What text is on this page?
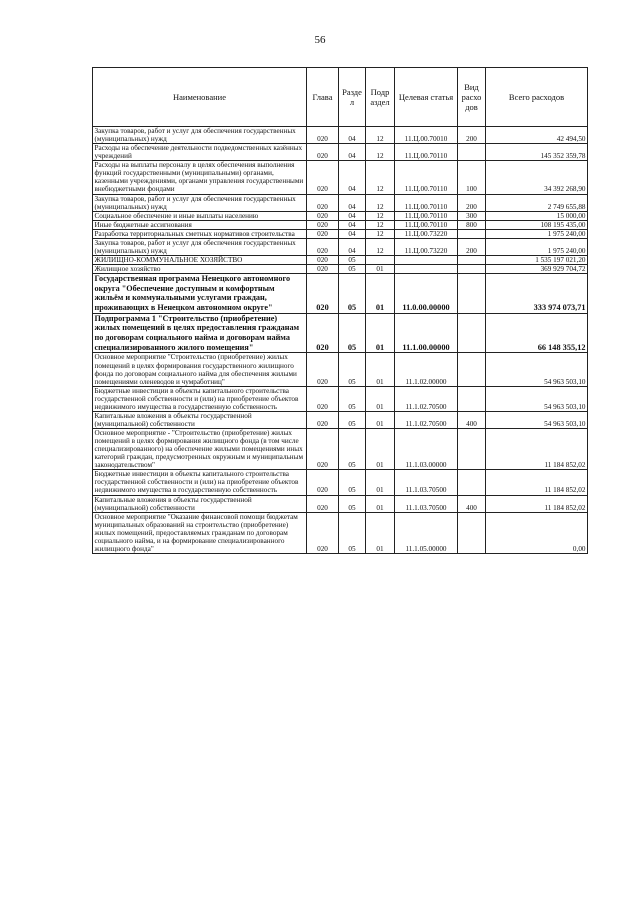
56
Наименование	Глава	Разде л	Подр аздел	Целевая статья	Вид расхо дов	Всего расходов
Закупка товаров, работ и услуг для обеспечения государственных (муниципальных) нужд	020	04	12	11.Ц.00.70010	200	42 494,50
Расходы на обеспечение деятельности подведомственных казённых учреждений	020	04	12	11.Ц.00.70110		145 352 359,78
Расходы на выплаты персоналу в целях обеспечения выполнения функций государственными (муниципальными) органами, казенными учреждениями, органами управления государственными внебюджетными фондами	020	04	12	11.Ц.00.70110	100	34 392 268,90
Закупка товаров, работ и услуг для обеспечения государственных (муниципальных) нужд	020	04	12	11.Ц.00.70110	200	2 749 655,88
Социальное обеспечение и иные выплаты населению	020	04	12	11.Ц.00.70110	300	15 000,00
Иные бюджетные ассигнования	020	04	12	11.Ц.00.70110	800	108 195 435,00
Разработка территориальных сметных нормативов строительства	020	04	12	11.Ц.00.73220		1 975 240,00
Закупка товаров, работ и услуг для обеспечения государственных (муниципальных) нужд	020	04	12	11.Ц.00.73220	200	1 975 240,00
ЖИЛИЩНО-КОММУНАЛЬНОЕ ХОЗЯЙСТВО	020	05				1 535 197 021,20
Жилищное хозяйство	020	05	01			369 929 704,72
Государственная программа Ненецкого автономного округа "Обеспечение доступным и комфортным жильём и коммунальными услугами граждан, проживающих в Ненецком автономном округе"	020	05	01	11.0.00.00000		333 974 073,71
Подпрограмма 1 "Строительство (приобретение) жилых помещений в целях предоставления гражданам по договорам социального найма и договорам найма специализированного жилого помещения"	020	05	01	11.1.00.00000		66 148 355,12
Основное мероприятие "Строительство (приобретение) жилых помещений в целях формирования государственного жилищного фонда по договорам социального найма для обеспечения жилыми помещениями оленеводов и чумработниц"	020	05	01	11.1.02.00000		54 963 503,10
Бюджетные инвестиции в объекты капитального строительства государственной собственности и (или) на приобретение объектов недвижимого имущества в государственную собственность	020	05	01	11.1.02.70500		54 963 503,10
Капитальные вложения в объекты государственной (муниципальной) собственности	020	05	01	11.1.02.70500	400	54 963 503,10
Основное мероприятие - "Строительство (приобретение) жилых помещений в целях формирования жилищного фонда (в том числе специализированного) на обеспечение жилыми помещениями иных категорий граждан, предусмотренных окружным и муниципальным законодательством"	020	05	01	11.1.03.00000		11 184 852,02
Бюджетные инвестиции в объекты капитального строительства государственной собственности и (или) на приобретение объектов недвижимого имущества в государственную собственность	020	05	01	11.1.03.70500		11 184 852,02
Капитальные вложения в объекты государственной (муниципальной) собственности	020	05	01	11.1.03.70500	400	11 184 852,02
Основное мероприятие "Оказание финансовой помощи бюджетам муниципальных образований на строительство (приобретение) жилых помещений, предоставляемых гражданам по договорам социального найма, и на формирование специализированного жилищного фонда"	020	05	01	11.1.05.00000		0,00
